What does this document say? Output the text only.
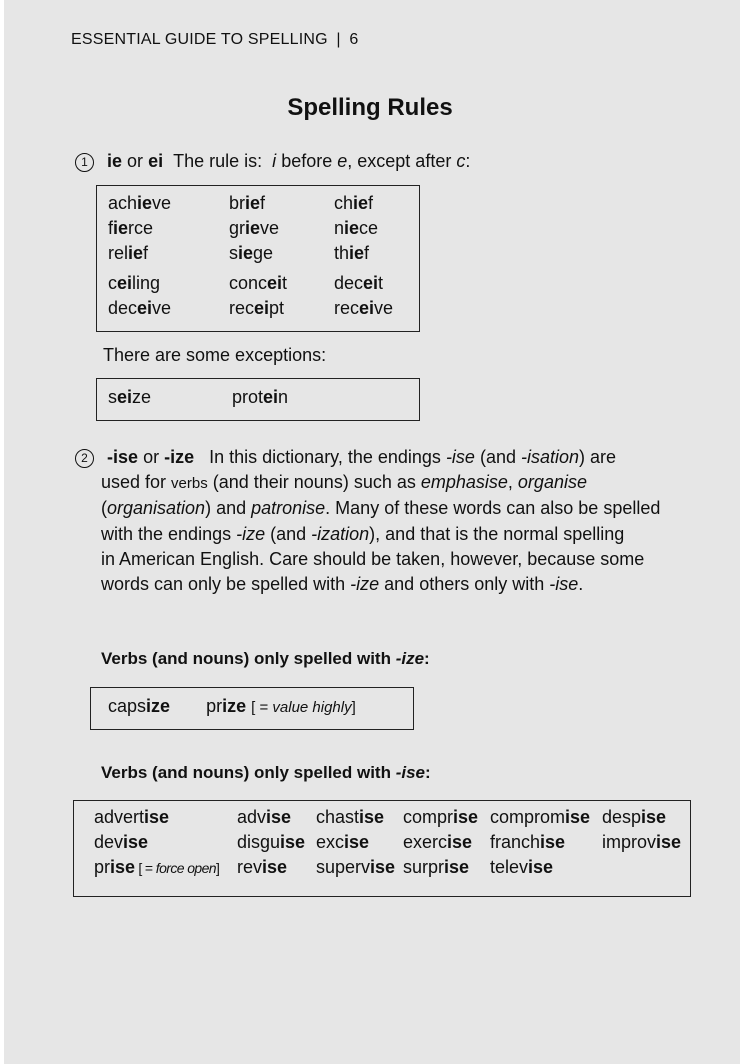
ESSENTIAL GUIDE TO SPELLING | 6
Spelling Rules
1 ie or ei The rule is: i before e, except after c:
achieve	brief	chief
fierce	grieve	niece
relief	siege	thief
ceiling	conceit	deceit
deceive	receipt	receive
There are some exceptions:
seize	protein
2 -ise or -ize In this dictionary, the endings -ise (and -isation) are
used for verbs (and their nouns) such as emphasise, organise
(organisation) and patronise. Many of these words can also be spelled
with the endings -ize (and -ization), and that is the normal spelling
in American English. Care should be taken, however, because some
words can only be spelled with -ize and others only with -ise.
Verbs (and nouns) only spelled with -ize:
capsize prize [ = value highly]
Verbs (and nouns) only spelled with -ise:
advertise	advise chastise comprise compromise despise
devise	disguise excise exercise franchise improvise
prise [ = force open] revise supervise surprise televise
